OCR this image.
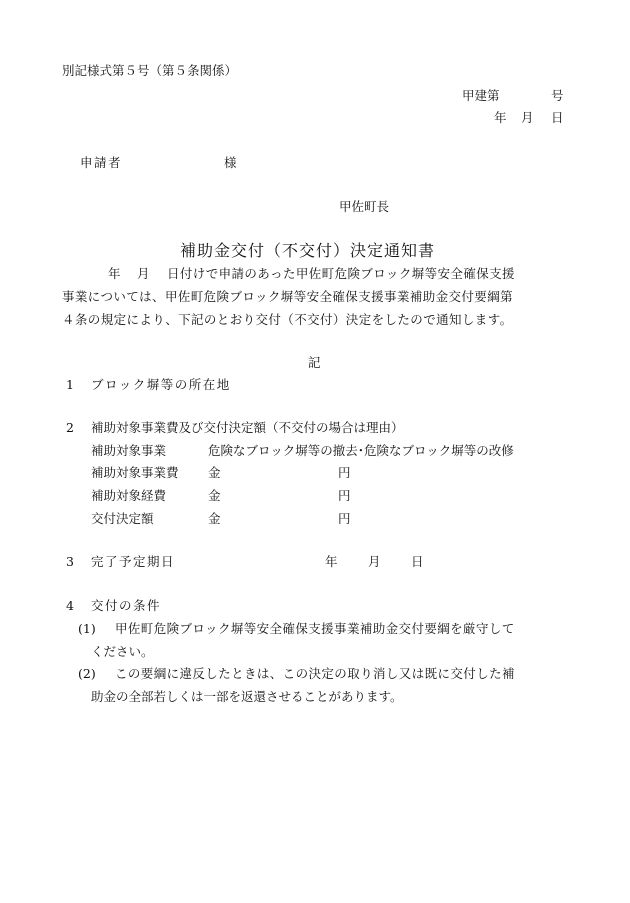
別記様式第５号（第５条関係）
甲建第	号
年 月 日
申請者	様
甲佐町長
補助金交付（不交付）決定通知書
年 月 日付けで申請のあった甲佐町危険ブロック塀等安全確保支援
事業については、甲佐町危険ブロック塀等安全確保支援事業補助金交付要綱第
４条の規定により、下記のとおり交付（不交付）決定をしたので通知します。
記
1 ブロック塀等の所在地
2 補助対象事業費及び交付決定額（不交付の場合は理由）
補助対象事業	危険なブロック塀等の撤去･危険なブロック塀等の改修
補助対象事業費 金	円
補助対象経費	金	円
交付決定額	金	円
3 完了予定期日	年 月 日
4 交付の条件
(1) 甲佐町危険ブロック塀等安全確保支援事業補助金交付要綱を厳守して
ください。
(2) この要綱に違反したときは、この決定の取り消し又は既に交付した補
助金の全部若しくは一部を返還させることがあります。
